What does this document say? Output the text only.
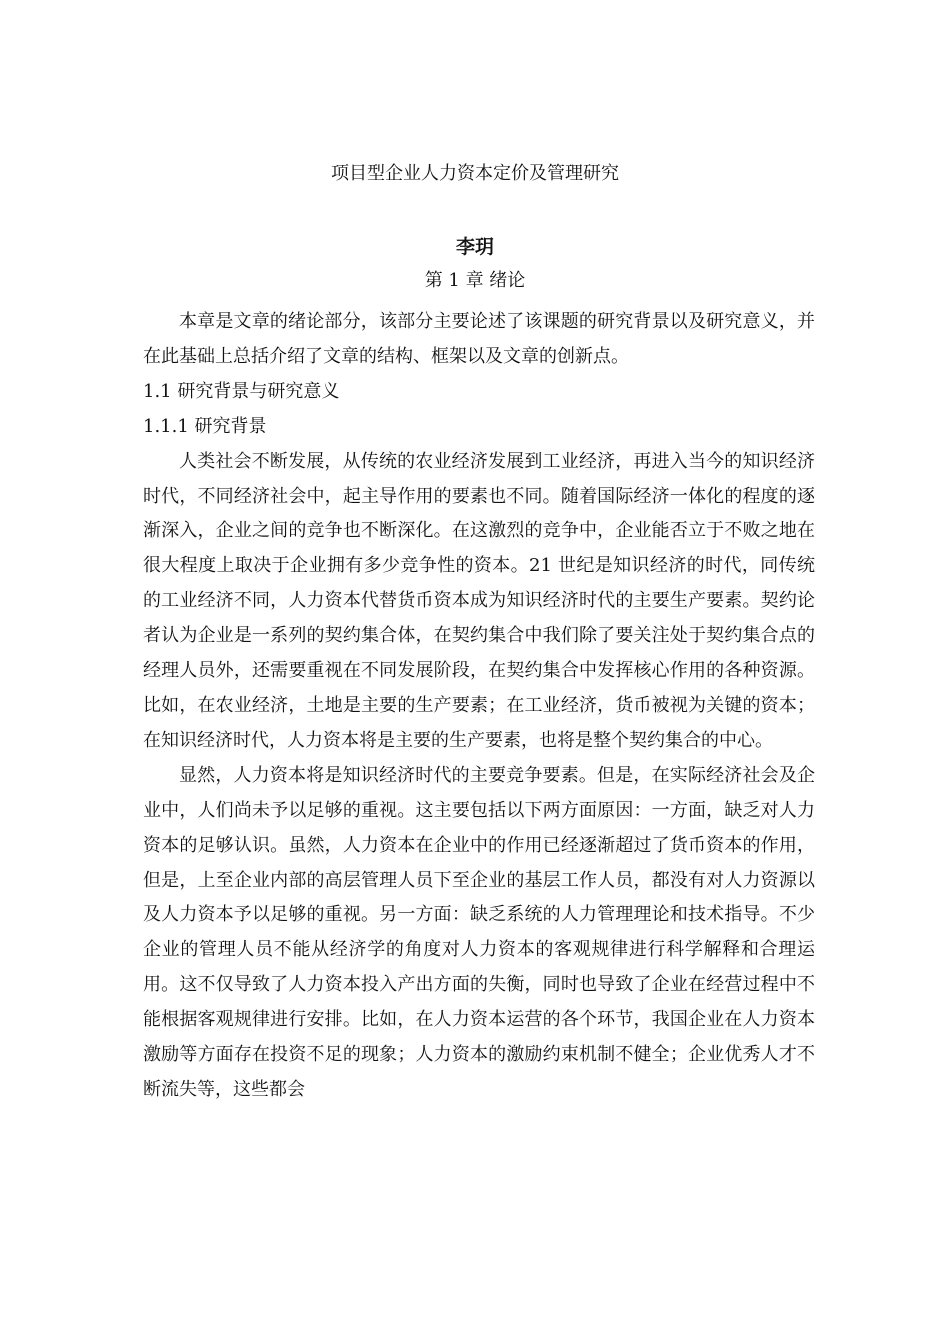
项目型企业人力资本定价及管理研究
李玥
第 1 章 绪论

本章是文章的绪论部分，该部分主要论述了该课题的研究背景以及研究意义，并在此基础上总括介绍了文章的结构、框架以及文章的创新点。

1.1 研究背景与研究意义

1.1.1 研究背景

人类社会不断发展，从传统的农业经济发展到工业经济，再进入当今的知识经济时代，不同经济社会中，起主导作用的要素也不同。随着国际经济一体化的程度的逐渐深入，企业之间的竞争也不断深化。在这激烈的竞争中，企业能否立于不败之地在很大程度上取决于企业拥有多少竞争性的资本。21 世纪是知识经济的时代，同传统的工业经济不同，人力资本代替货币资本成为知识经济时代的主要生产要素。契约论者认为企业是一系列的契约集合体，在契约集合中我们除了要关注处于契约集合点的经理人员外，还需要重视在不同发展阶段，在契约集合中发挥核心作用的各种资源。比如，在农业经济，土地是主要的生产要素；在工业经济，货币被视为关键的资本；在知识经济时代，人力资本将是主要的生产要素，也将是整个契约集合的中心。

显然，人力资本将是知识经济时代的主要竞争要素。但是，在实际经济社会及企业中，人们尚未予以足够的重视。这主要包括以下两方面原因：一方面，缺乏对人力资本的足够认识。虽然，人力资本在企业中的作用已经逐渐超过了货币资本的作用，但是，上至企业内部的高层管理人员下至企业的基层工作人员，都没有对人力资源以及人力资本予以足够的重视。另一方面：缺乏系统的人力管理理论和技术指导。不少企业的管理人员不能从经济学的角度对人力资本的客观规律进行科学解释和合理运用。这不仅导致了人力资本投入产出方面的失衡，同时也导致了企业在经营过程中不能根据客观规律进行安排。比如，在人力资本运营的各个环节，我国企业在人力资本激励等方面存在投资不足的现象；人力资本的激励约束机制不健全；企业优秀人才不断流失等，这些都会
